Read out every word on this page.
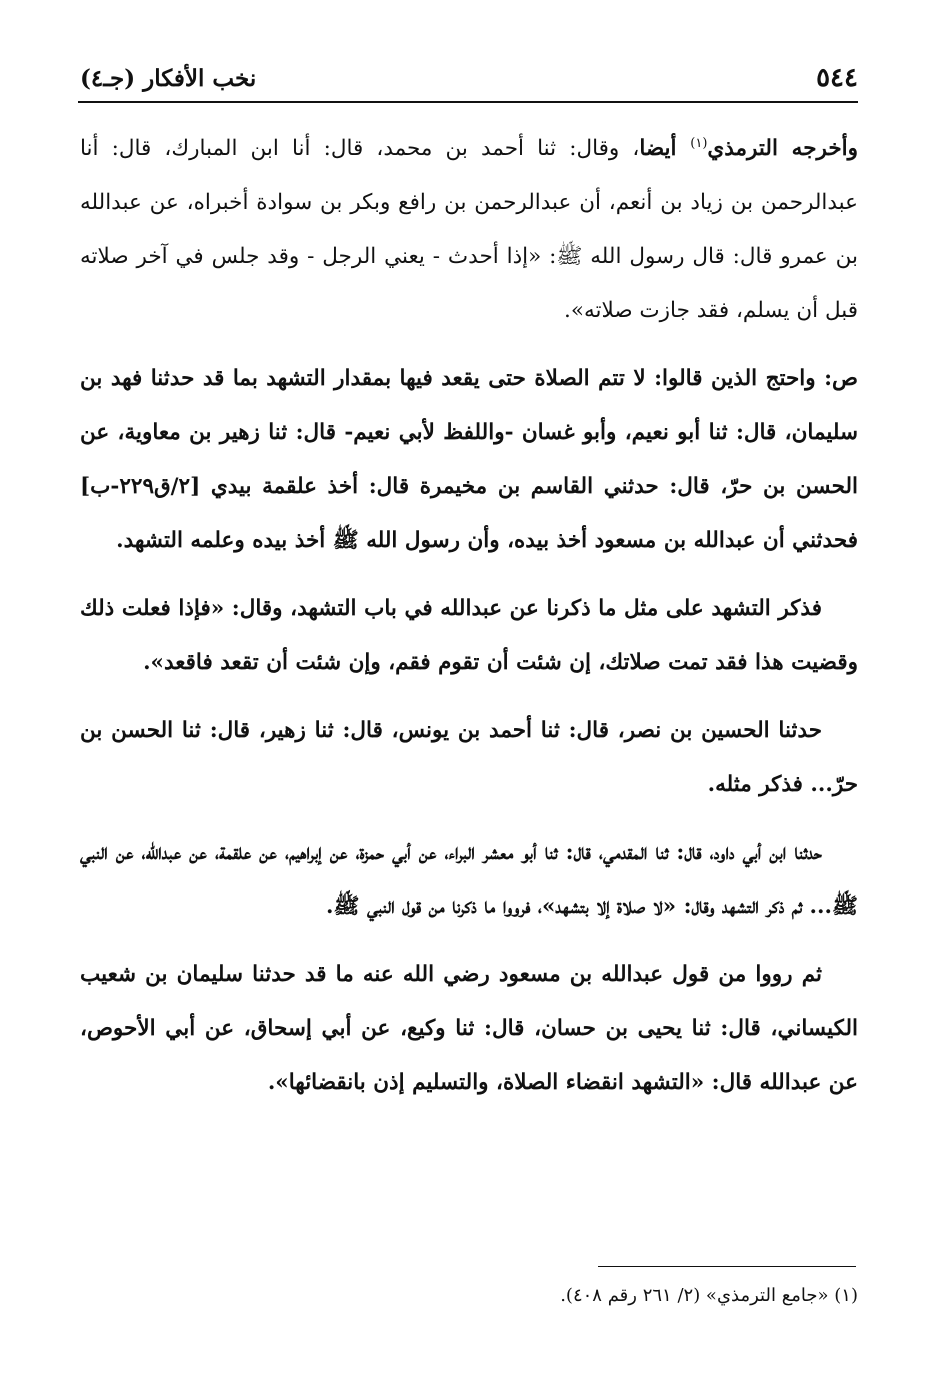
٥٤٤
نخب الأفكار (جـ٤)

وأخرجه الترمذي$^{(١)}$ أيضا، وقال: ثنا أحمد بن محمد، قال: أنا ابن المبارك، قال: أنا عبدالرحمن بن زياد بن أنعم، أن عبدالرحمن بن رافع وبكر بن سوادة أخبراه، عن عبدالله بن عمرو قال: قال رسول الله ﷺ: «إذا أحدث - يعني الرجل - وقد جلس في آخر صلاته قبل أن يسلم، فقد جازت صلاته».

ص: واحتج الذين قالوا: لا تتم الصلاة حتى يقعد فيها بمقدار التشهد بما قد حدثنا فهد بن سليمان، قال: ثنا أبو نعيم، وأبو غسان -واللفظ لأبي نعيم- قال: ثنا زهير بن معاوية، عن الحسن بن حرّ، قال: حدثني القاسم بن مخيمرة قال: أخذ علقمة بيدي [٢/ق٢٢٩-ب] فحدثني أن عبدالله بن مسعود أخذ بيده، وأن رسول الله ﷺ أخذ بيده وعلمه التشهد.

فذكر التشهد على مثل ما ذكرنا عن عبدالله في باب التشهد، وقال: «فإذا فعلت ذلك وقضيت هذا فقد تمت صلاتك، إن شئت أن تقوم فقم، وإن شئت أن تقعد فاقعد».

حدثنا الحسين بن نصر، قال: ثنا أحمد بن يونس، قال: ثنا زهير، قال: ثنا الحسن بن حرّ... فذكر مثله.

حدثنا ابن أبي داود، قال: ثنا المقدمي، قال: ثنا أبو معشر البراء، عن أبي حمزة، عن إبراهيم، عن علقمة، عن عبدالله، عن النبي ﷺ... ثم ذكر التشهد وقال: «لا صلاة إلا بتشهد»، فرووا ما ذكرنا من قول النبي ﷺ.

ثم رووا من قول عبدالله بن مسعود رضي الله عنه ما قد حدثنا سليمان بن شعيب الكيساني، قال: ثنا يحيى بن حسان، قال: ثنا وكيع، عن أبي إسحاق، عن أبي الأحوص، عن عبدالله قال: «التشهد انقضاء الصلاة، والتسليم إذن بانقضائها».

(١) «جامع الترمذي» (٢/ ٢٦١ رقم ٤٠٨).
